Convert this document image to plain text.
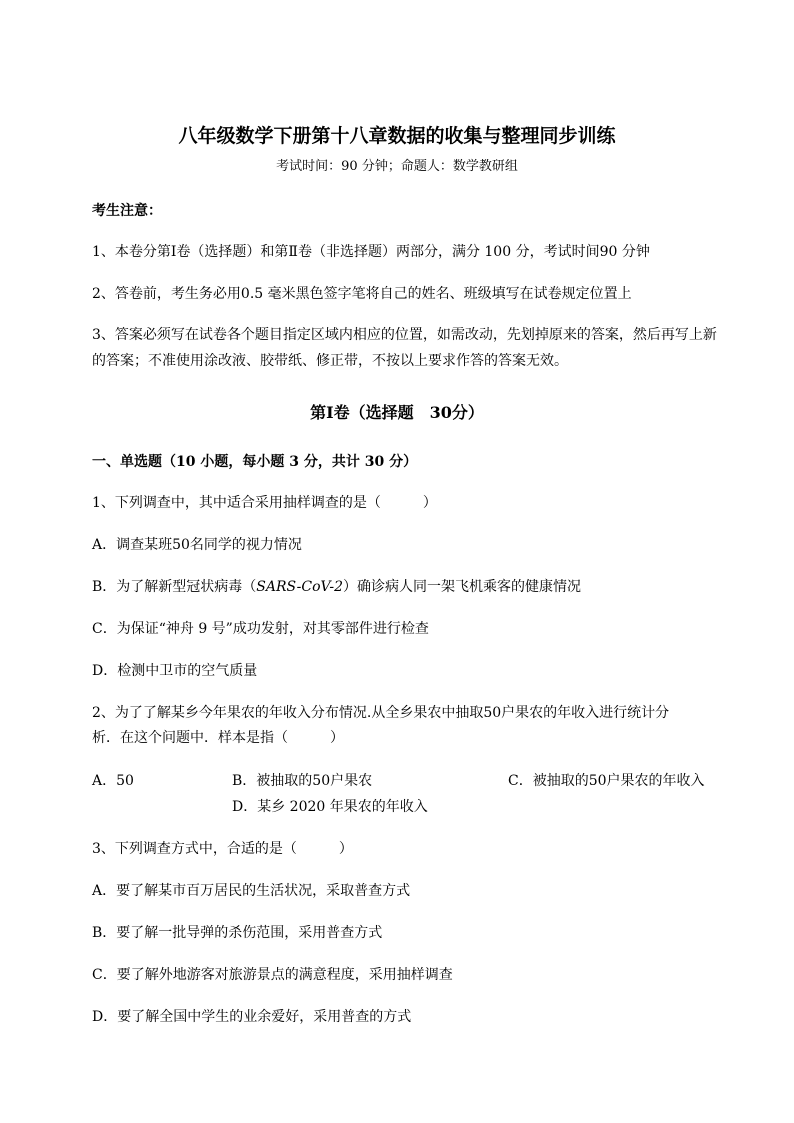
八年级数学下册第十八章数据的收集与整理同步训练
考试时间：90 分钟；命题人：数学教研组
考生注意：
1、本卷分第Ⅰ卷（选择题）和第Ⅱ卷（非选择题）两部分，满分 100 分，考试时间90 分钟
2、答卷前，考生务必用0.5 毫米黑色签字笔将自己的姓名、班级填写在试卷规定位置上
3、答案必须写在试卷各个题目指定区域内相应的位置，如需改动，先划掉原来的答案，然后再写上新
的答案；不准使用涂改液、胶带纸、修正带，不按以上要求作答的答案无效。
第Ⅰ卷（选择题　30分）
一、单选题（10 小题，每小题 3 分，共计 30 分）
1、下列调查中，其中适合采用抽样调查的是（　　　）
A．调查某班50名同学的视力情况
B．为了解新型冠状病毒（SARS-CoV-2）确诊病人同一架飞机乘客的健康情况
C．为保证“神舟 9 号”成功发射，对其零部件进行检查
D．检测中卫市的空气质量
2、为了了解某乡今年果农的年收入分布情况.从全乡果农中抽取50户果农的年收入进行统计分
析．在这个问题中．样本是指（　　　）
A．50	B．被抽取的50户果农	C．被抽取的50户果农的年收入
D．某乡 2020 年果农的年收入
3、下列调查方式中，合适的是（　　　）
A．要了解某市百万居民的生活状况，采取普查方式
B．要了解一批导弹的杀伤范围，采用普查方式
C．要了解外地游客对旅游景点的满意程度，采用抽样调查
D．要了解全国中学生的业余爱好，采用普查的方式
